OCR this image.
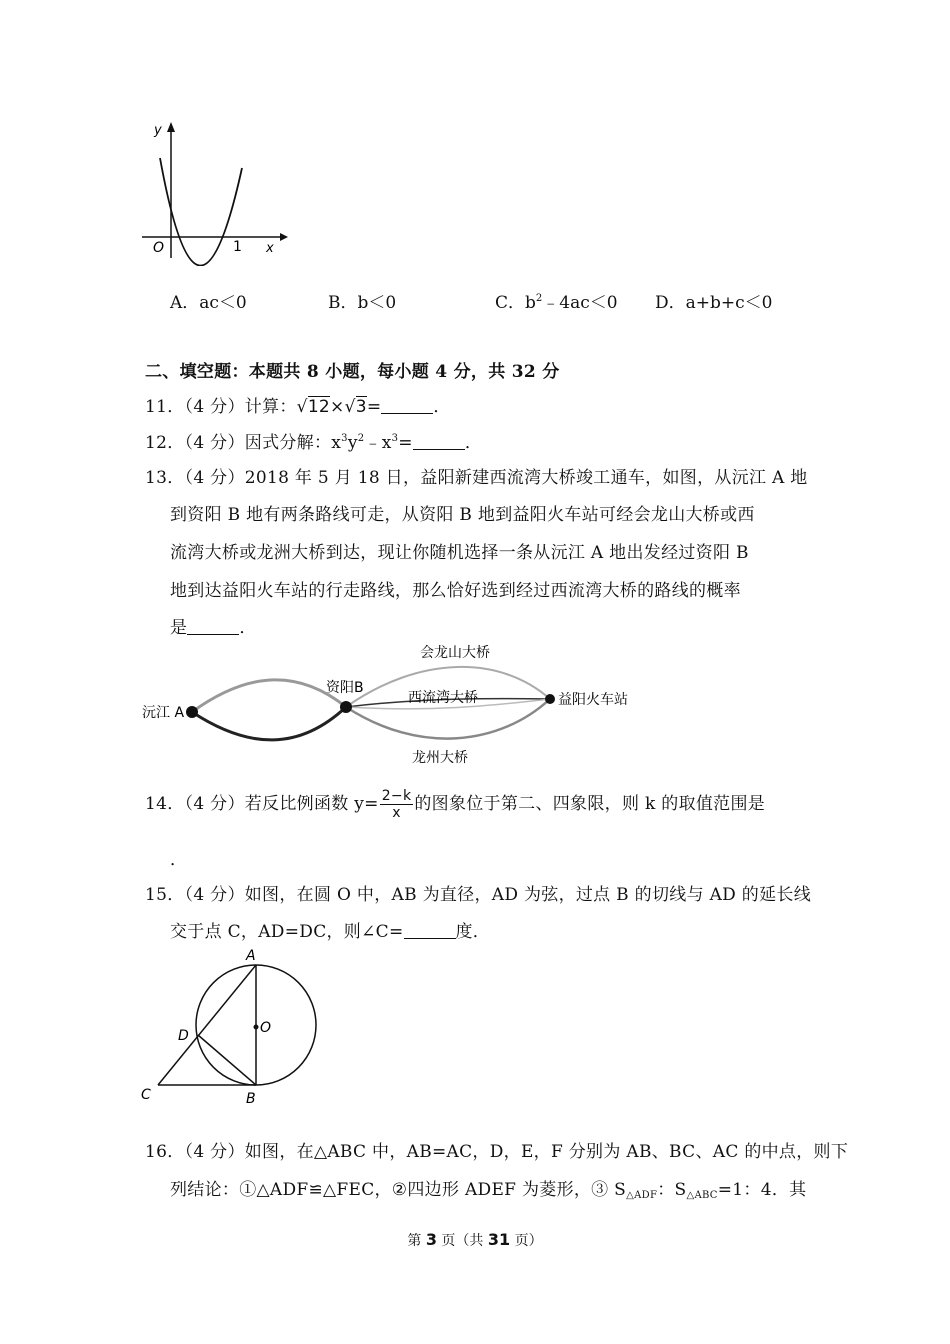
y
x
O	1
A．ac＜0	B．b＜0	C．$b^2﹣4ac<0$ D．a+b+c＜0
二、填空题：本题共 8 小题，每小题 4 分，共 32 分
11．（4 分）计算：√12×√3=	．
12．（4 分）因式分解：$x^3y^2﹣x^3=$	．
13．（4 分）2018 年 5 月 18 日，益阳新建西流湾大桥竣工通车，如图，从沅江 A 地
到资阳 B 地有两条路线可走，从资阳 B 地到益阳火车站可经会龙山大桥或西
流湾大桥或龙洲大桥到达，现让你随机选择一条从沅江 A 地出发经过资阳 B
地到达益阳火车站的行走路线，那么恰好选到经过西流湾大桥的路线的概率
是	．
沅江 A
资阳B
益阳火车站
会龙山大桥
西流湾大桥
龙州大桥
14．（4 分）若反比例函数 $y= \frac{2-k}{x}$ 的图象位于第二、四象限，则 k 的取值范围是
．
15．（4 分）如图，在圆 O 中，AB 为直径，AD 为弦，过点 B 的切线与 AD 的延长线
交于点 C，AD=DC，则∠C=	度．
A
O
D
C	B
16．（4 分）如图，在△ABC 中，AB=AC，D，E，F 分别为 AB、BC、AC 的中点，则下
列结论：①△ADF≌△FEC，②四边形 ADEF 为菱形，③ $S_{\triangle ADF}$：$S_{\triangle ABC}=1$：4．其
第 3 页（共 31 页）
